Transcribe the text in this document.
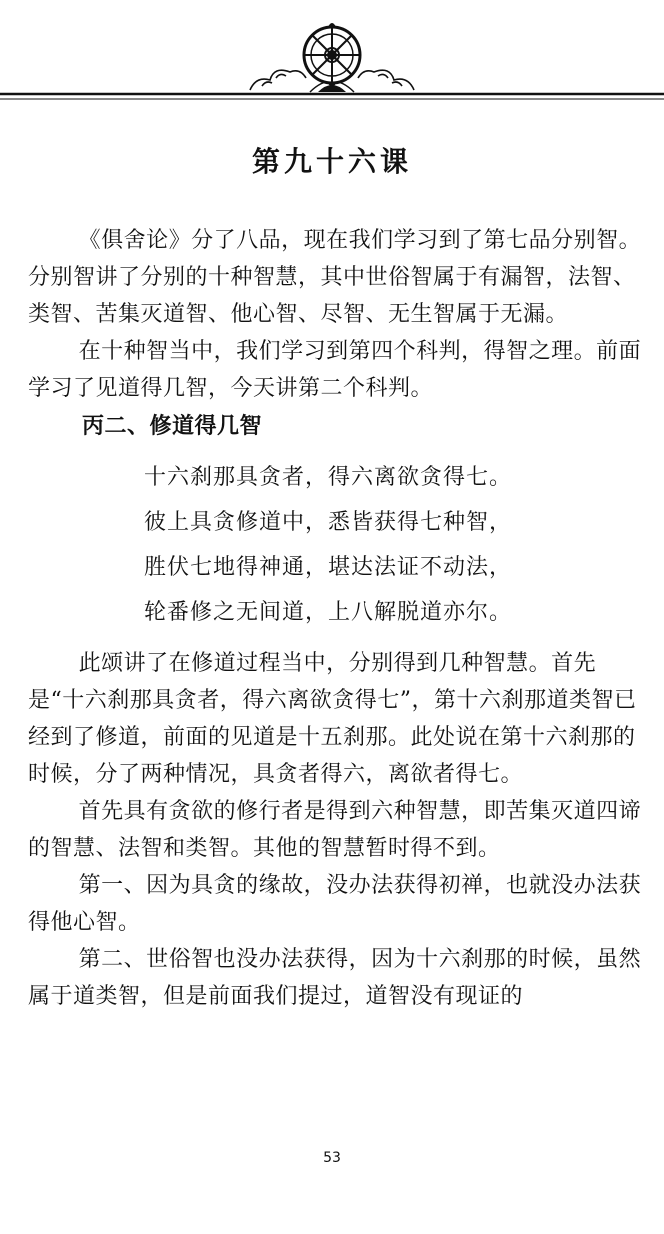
第九十六课

《俱舍论》分了八品，现在我们学习到了第七品分别智。分别智讲了分别的十种智慧，其中世俗智属于有漏智，法智、类智、苦集灭道智、他心智、尽智、无生智属于无漏。

在十种智当中，我们学习到第四个科判，得智之理。前面学习了见道得几智，今天讲第二个科判。

丙二、修道得几智

十六刹那具贪者，得六离欲贪得七。
彼上具贪修道中，悉皆获得七种智，
胜伏七地得神通，堪达法证不动法，
轮番修之无间道，上八解脱道亦尔。

此颂讲了在修道过程当中，分别得到几种智慧。首先是“十六刹那具贪者，得六离欲贪得七”，第十六刹那道类智已经到了修道，前面的见道是十五刹那。此处说在第十六刹那的时候，分了两种情况，具贪者得六，离欲者得七。

首先具有贪欲的修行者是得到六种智慧，即苦集灭道四谛的智慧、法智和类智。其他的智慧暂时得不到。

第一、因为具贪的缘故，没办法获得初禅，也就没办法获得他心智。

第二、世俗智也没办法获得，因为十六刹那的时候，虽然属于道类智，但是前面我们提过，道智没有现证的

53
